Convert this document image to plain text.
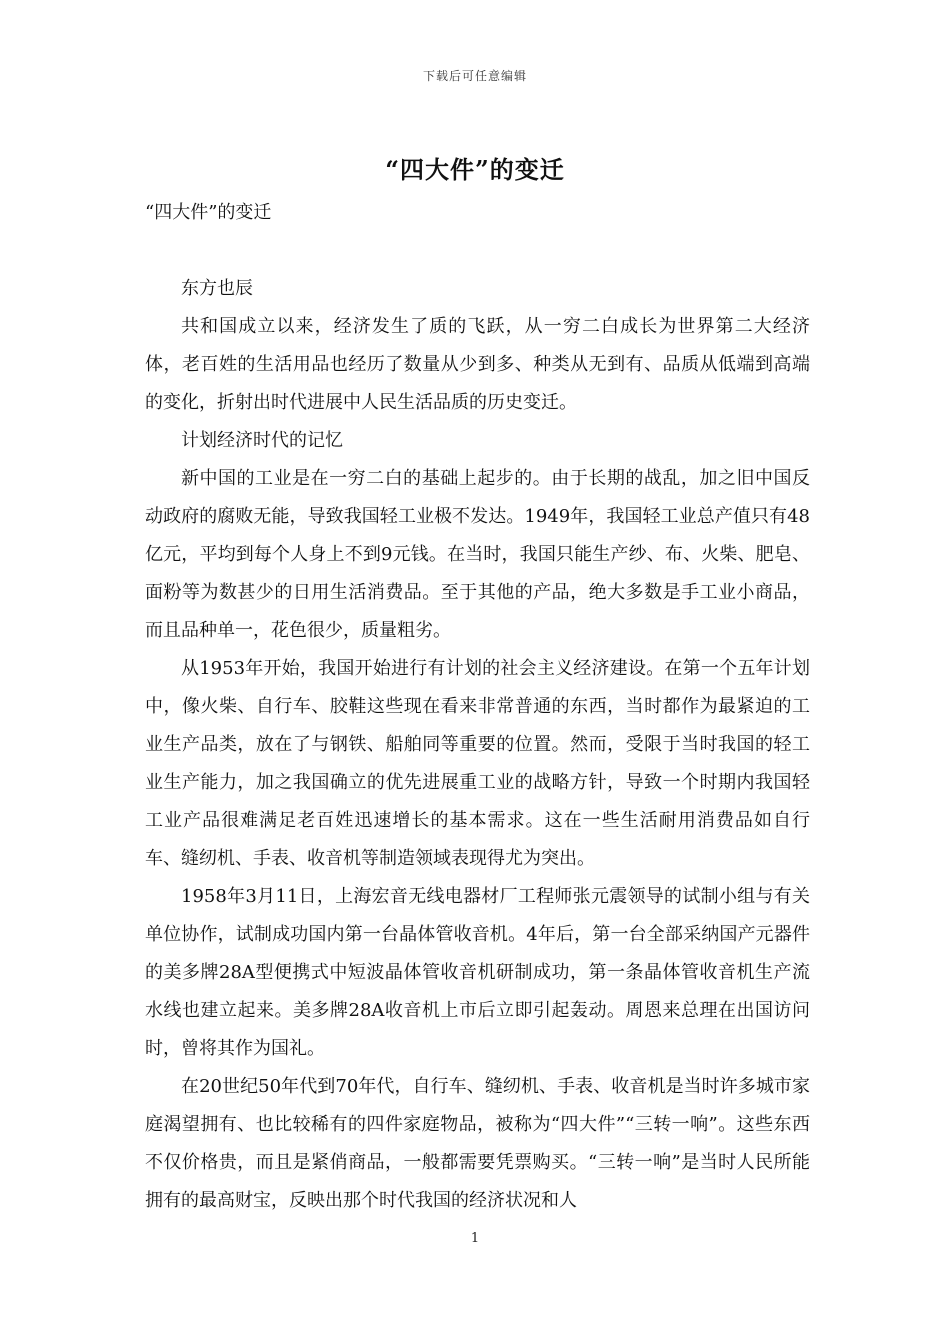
下载后可任意编辑
“四大件”的变迁

“四大件”的变迁

东方也辰

共和国成立以来，经济发生了质的飞跃，从一穷二白成长为世界第二大经济体，老百姓的生活用品也经历了数量从少到多、种类从无到有、品质从低端到高端的变化，折射出时代进展中人民生活品质的历史变迁。

计划经济时代的记忆

新中国的工业是在一穷二白的基础上起步的。由于长期的战乱，加之旧中国反动政府的腐败无能，导致我国轻工业极不发达。1949年，我国轻工业总产值只有48亿元，平均到每个人身上不到9元钱。在当时，我国只能生产纱、布、火柴、肥皂、面粉等为数甚少的日用生活消费品。至于其他的产品，绝大多数是手工业小商品，而且品种单一，花色很少，质量粗劣。

从1953年开始，我国开始进行有计划的社会主义经济建设。在第一个五年计划中，像火柴、自行车、胶鞋这些现在看来非常普通的东西，当时都作为最紧迫的工业生产品类，放在了与钢铁、船舶同等重要的位置。然而，受限于当时我国的轻工业生产能力，加之我国确立的优先进展重工业的战略方针，导致一个时期内我国轻工业产品很难满足老百姓迅速增长的基本需求。这在一些生活耐用消费品如自行车、缝纫机、手表、收音机等制造领域表现得尤为突出。

1958年3月11日，上海宏音无线电器材厂工程师张元震领导的试制小组与有关单位协作，试制成功国内第一台晶体管收音机。4年后，第一台全部采纳国产元器件的美多牌28A型便携式中短波晶体管收音机研制成功，第一条晶体管收音机生产流水线也建立起来。美多牌28A收音机上市后立即引起轰动。周恩来总理在出国访问时，曾将其作为国礼。

在20世纪50年代到70年代，自行车、缝纫机、手表、收音机是当时许多城市家庭渴望拥有、也比较稀有的四件家庭物品，被称为“四大件”“三转一响”。这些东西不仅价格贵，而且是紧俏商品，一般都需要凭票购买。“三转一响”是当时人民所能拥有的最高财宝，反映出那个时代我国的经济状况和人

1
